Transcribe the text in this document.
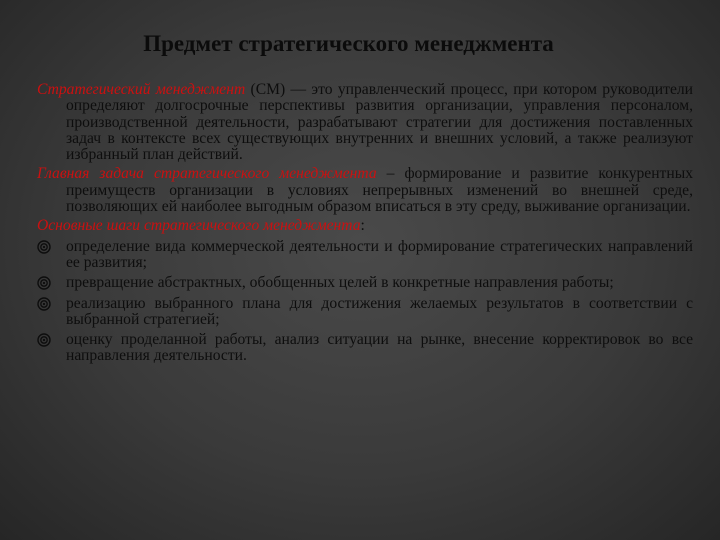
Предмет стратегического менеджмента

Стратегический менеджмент (СМ) — это управленческий процесс, при котором руководители определяют долгосрочные перспективы развития организации, управления персоналом, производственной деятельности, разрабатывают стратегии для достижения поставленных задач в контексте всех существующих внутренних и внешних условий, а также реализуют избранный план действий.

Главная задача стратегического менеджмента – формирование и развитие конкурентных преимуществ организации в условиях непрерывных изменений во внешней среде, позволяющих ей наиболее выгодным образом вписаться в эту среду, выживание организации.

Основные шаги стратегического менеджмента:

определение вида коммерческой деятельности и формирование стратегических направлений ее развития;
превращение абстрактных, обобщенных целей в конкретные направления работы;
реализацию выбранного плана для достижения желаемых результатов в соответствии с выбранной стратегией;
оценку проделанной работы, анализ ситуации на рынке, внесение корректировок во все направления деятельности.
